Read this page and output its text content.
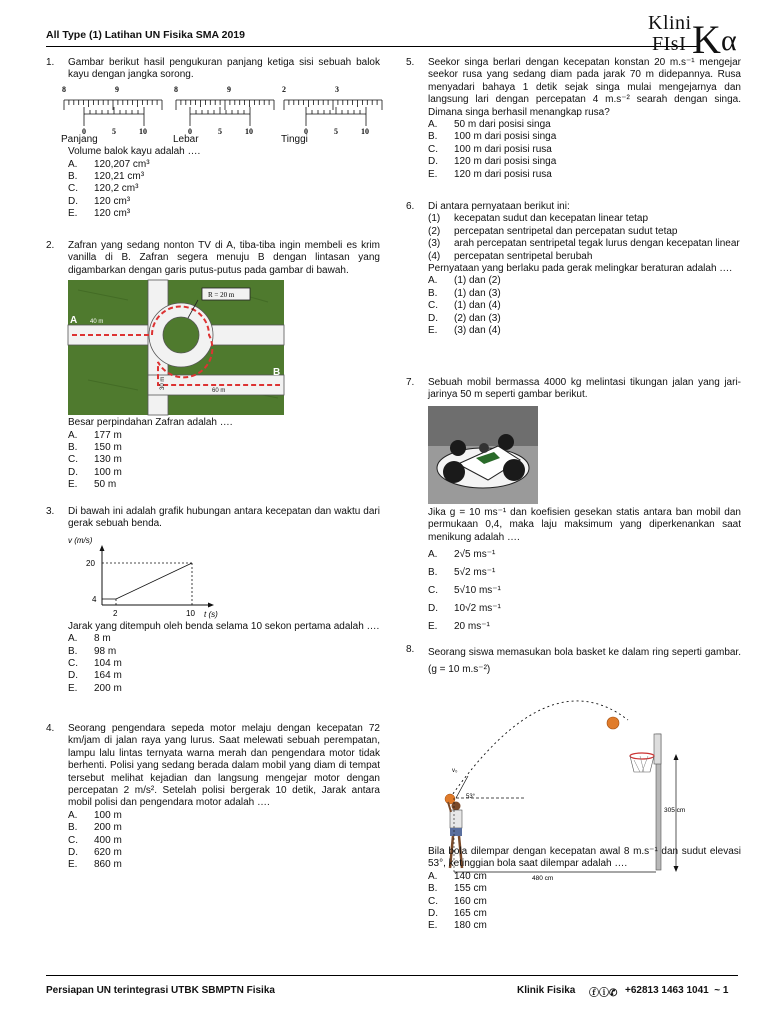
All Type (1) Latihan UN Fisika SMA 2019
Klini
FIsI K α
1. Gambar berikut hasil pengukuran panjang ketiga sisi sebuah balok kayu dengan jangka sorong.

8	9
0	5	10
8	9
0	5	10
2	3
0	5	10
Panjang	Lebar	Tinggi

Volume balok kayu adalah ….

A.	120,207 cm³
B.	120,21 cm³
C.	120,2 cm³
D.	120 cm³
E.	120 cm³
2. Zafran yang sedang nonton TV di A, tiba-tiba ingin membeli es krim vanilla di B. Zafran segera menuju B dengan lintasan yang digambarkan dengan garis putus-putus pada gambar di bawah.

R = 20 m
A
B
40 m
60 m
30 m

Besar perpindahan Zafran adalah ….

A.	177 m
B.	150 m
C.	130 m
D.	100 m
E.	50 m
3. Di bawah ini adalah grafik hubungan antara kecepatan dan waktu dari gerak sebuah benda.

v (m/s)
20
4
2	10 t (s)

Jarak yang ditempuh oleh benda selama 10 sekon pertama adalah ….

A.	8 m
B.	98 m
C.	104 m
D.	164 m
E.	200 m
4. Seorang pengendara sepeda motor melaju dengan kecepatan 72 km/jam di jalan raya yang lurus. Saat melewati sebuah perempatan, lampu lalu lintas ternyata warna merah dan pengendara motor tidak berhenti. Polisi yang sedang berada dalam mobil yang diam di tempat tersebut melihat kejadian dan langsung mengejar motor dengan percepatan 2 m/s². Setelah polisi bergerak 10 detik, Jarak antara mobil polisi dan pengendara motor adalah ….

A.	100 m
B.	200 m
C.	400 m
D.	620 m
E.	860 m
5. Seekor singa berlari dengan kecepatan konstan 20 m.s⁻¹ mengejar seekor rusa yang sedang diam pada jarak 70 m didepannya. Rusa menyadari bahaya 1 detik sejak singa mulai mengejarnya dan langsung lari dengan percepatan 4 m.s⁻² searah dengan singa. Dimana singa berhasil menangkap rusa?

A.	50 m dari posisi singa
B.	100 m dari posisi singa
C.	100 m dari posisi rusa
D.	120 m dari posisi singa
E.	120 m dari posisi rusa
6. Di antara pernyataan berikut ini:

(1)	kecepatan sudut dan kecepatan linear tetap
(2)	percepatan sentripetal dan percepatan sudut tetap
(3)	arah percepatan sentripetal tegak lurus dengan kecepatan linear
(4)	percepatan sentripetal berubah

Pernyataan yang berlaku pada gerak melingkar beraturan adalah ….

A.	(1) dan (2)
B.	(1) dan (3)
C.	(1) dan (4)
D.	(2) dan (3)
E.	(3) dan (4)
7. Sebuah mobil bermassa 4000 kg melintasi tikungan jalan yang jari-jarinya 50 m seperti gambar berikut.

Jika g = 10 ms⁻¹ dan koefisien gesekan statis antara ban mobil dan permukaan 0,4, maka laju maksimum yang diperkenankan saat menikung adalah ….

A.	2√5 ms⁻¹
B.	5√2 ms⁻¹
C.	5√10 ms⁻¹
D.	10√2 ms⁻¹
E.	20 ms⁻¹
8. Seorang siswa memasukan bola basket ke dalam ring seperti gambar. (g = 10 m.s⁻²)

305 cm
480 cm
v₀
53°

Bila bola dilempar dengan kecepatan awal 8 m.s⁻¹ dan sudut elevasi 53°, ketinggian bola saat dilempar adalah ….

A.	140 cm
B.	155 cm
C.	160 cm
D.	165 cm
E.	180 cm
Persiapan UN terintegrasi UTBK SBMPTN Fisika	Klinik Fisika ⓕⓘ✆ +62813 1463 1041 ~ 1
